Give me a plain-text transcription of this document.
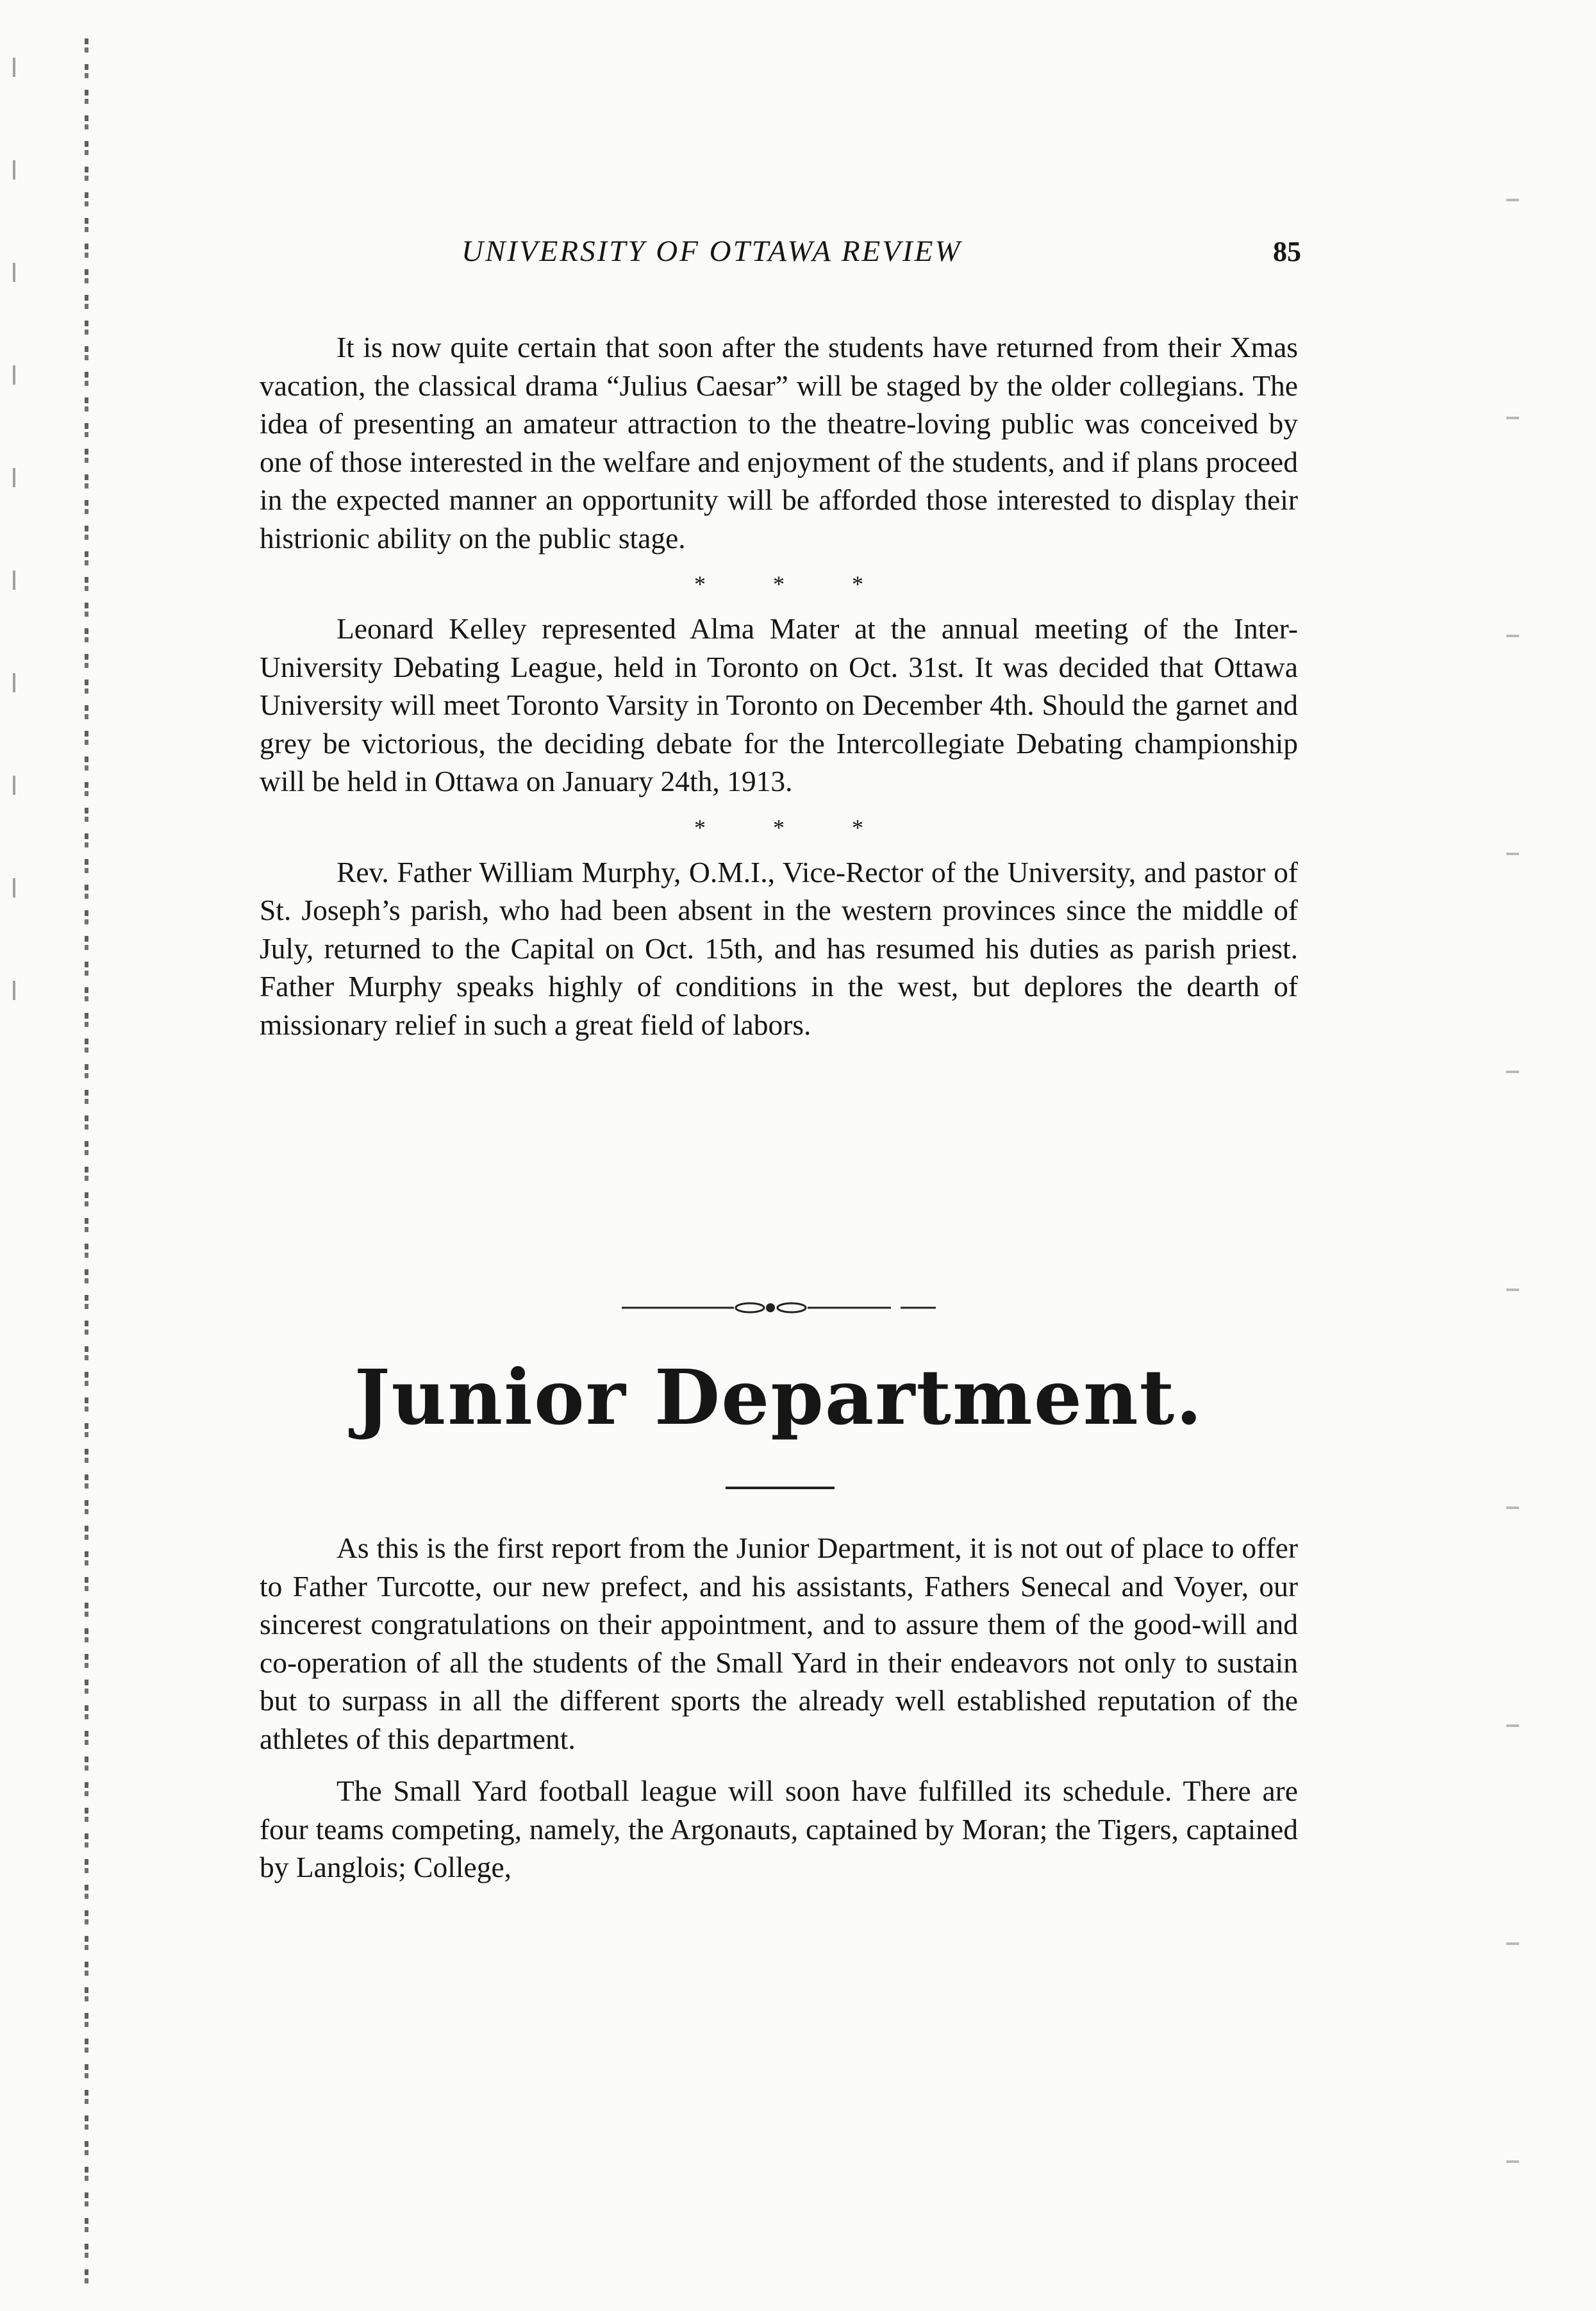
UNIVERSITY OF OTTAWA REVIEW	85

It is now quite certain that soon after the students have returned from their Xmas vacation, the classical drama “Julius Caesar” will be staged by the older collegians. The idea of presenting an amateur attraction to the theatre-loving public was conceived by one of those interested in the welfare and enjoyment of the students, and if plans proceed in the expected manner an opportunity will be afforded those interested to display their histrionic ability on the public stage.

* * *

Leonard Kelley represented Alma Mater at the annual meeting of the Inter-University Debating League, held in Toronto on Oct. 31st. It was decided that Ottawa University will meet Toronto Varsity in Toronto on December 4th. Should the garnet and grey be victorious, the deciding debate for the Intercollegiate Debating championship will be held in Ottawa on January 24th, 1913.

* * *

Rev. Father William Murphy, O.M.I., Vice-Rector of the University, and pastor of St. Joseph’s parish, who had been absent in the western provinces since the middle of July, returned to the Capital on Oct. 15th, and has resumed his duties as parish priest. Father Murphy speaks highly of conditions in the west, but deplores the dearth of missionary relief in such a great field of labors.

Junior Department.

As this is the first report from the Junior Department, it is not out of place to offer to Father Turcotte, our new prefect, and his assistants, Fathers Senecal and Voyer, our sincerest congratulations on their appointment, and to assure them of the good-will and co-operation of all the students of the Small Yard in their endeavors not only to sustain but to surpass in all the different sports the already well established reputation of the athletes of this department.

The Small Yard football league will soon have fulfilled its schedule. There are four teams competing, namely, the Argonauts, captained by Moran; the Tigers, captained by Langlois; College,
